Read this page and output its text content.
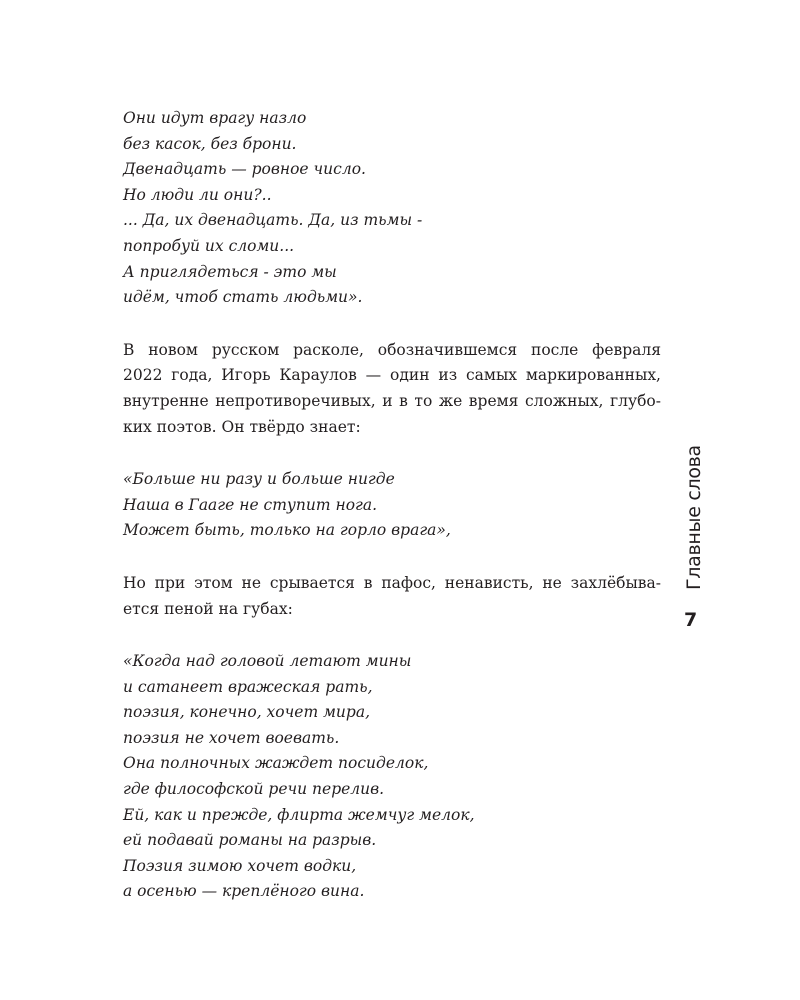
Они идут врагу назло
без касок, без брони.
Двенадцать — ровное число.
Но люди ли они?..
... Да, их двенадцать. Да, из тьмы -
попробуй их сломи...
А приглядеться - это мы
идём, чтоб стать людьми».
В новом русском расколе, обозначившемся после февраля
2022 года, Игорь Караулов — один из самых маркированных,
внутренне непротиворечивых, и в то же время сложных, глубо-
ких поэтов. Он твёрдо знает:
«Больше ни разу и больше нигде
Наша в Гааге не ступит нога.
Может быть, только на горло врага»,
Но при этом не срывается в пафос, ненависть, не захлёбыва-
ется пеной на губах:
«Когда над головой летают мины
и сатанеет вражеская рать,
поэзия, конечно, хочет мира,
поэзия не хочет воевать.
Она полночных жаждет посиделок,
где философской речи перелив.
Ей, как и прежде, флирта жемчуг мелок,
ей подавай романы на разрыв.
Поэзия зимою хочет водки,
а осенью — креплёного вина.
Главные слова
7
